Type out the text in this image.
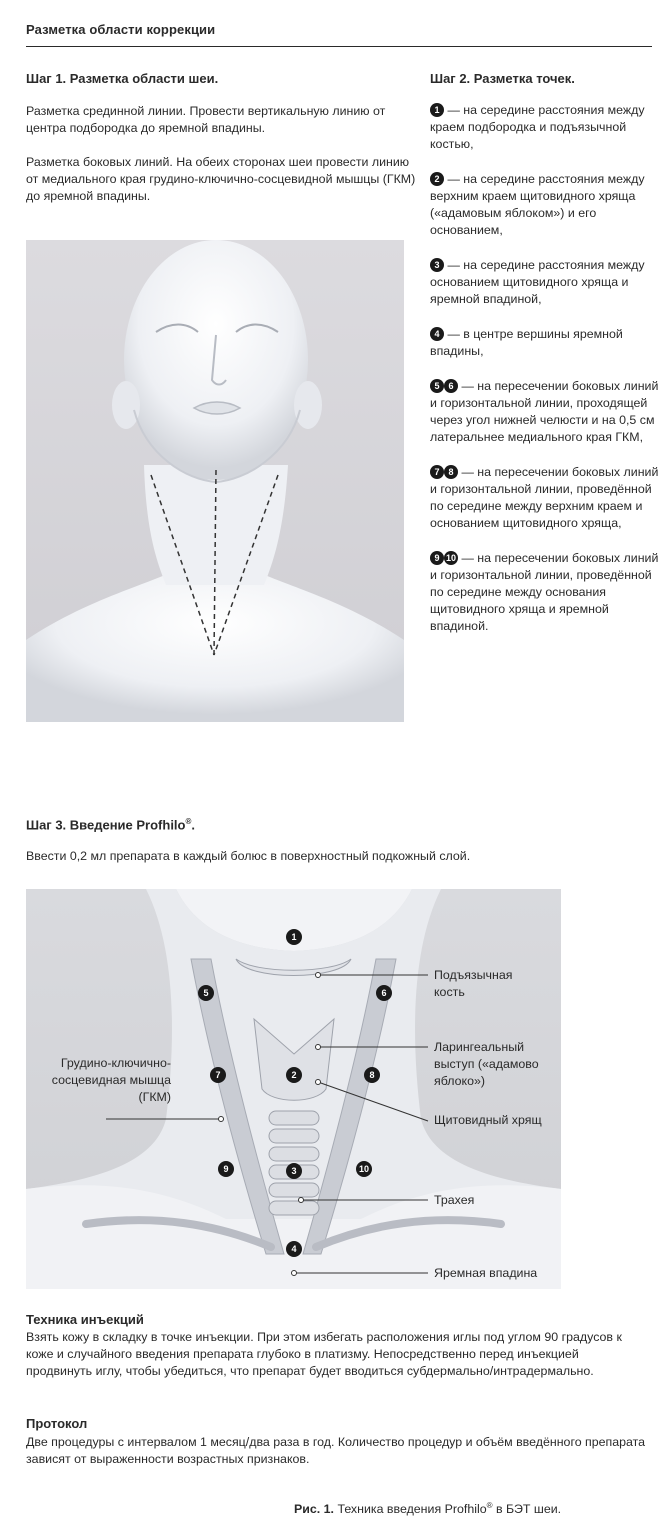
Разметка области коррекции
Шаг 1. Разметка области шеи.	Шаг 2. Разметка точек.
Разметка срединной линии. Провести вертикальную линию от центра подбородка до яремной впадины.
Разметка боковых линий. На обеих сторонах шеи провести линию от медиального края грудино-ключично-сосцевидной мышцы (ГКМ) до яремной впадины.
1 — на середине расстояния между краем подбородка и подъязычной костью,
2 — на середине расстояния между верхним краем щитовидного хряща («адамовым яблоком») и его основанием,
3 — на середине расстояния между основанием щитовидного хряща и яремной впадиной,
4 — в центре вершины яремной впадины,
5 6 — на пересечении боковых линий и горизонтальной линии, проходящей через угол нижней челюсти и на 0,5 см латеральнее медиального края ГКМ,
7 8 — на пересечении боковых линий и горизонтальной линии, проведённой по середине между верхним краем и основанием щитовидного хряща,
9 10 — на пересечении боковых линий и горизонтальной линии, проведённой по середине между основания щитовидного хряща и яремной впадиной.
Шаг 3. Введение Profhilo®.
Ввести 0,2 мл препарата в каждый болюс в поверхностный подкожный слой.
1
2
3
4
5	6
7	8
9	10
Подъязычная кость
Ларингеальный выступ («адамово яблоко»)
Щитовидный хрящ
Трахея
Яремная впадина
Грудино-ключично-сосцевидная мышца (ГКМ)
Техника инъекций
Взять кожу в складку в точке инъекции. При этом избегать расположения иглы под углом 90 градусов к коже и случайного введения препарата глубоко в платизму. Непосредственно перед инъекцией продвинуть иглу, чтобы убедиться, что препарат будет вводиться субдермально/интрадермально.
Протокол
Две процедуры с интервалом 1 месяц/два раза в год. Количество процедур и объём введённого препарата зависят от выраженности возрастных признаков.
Рис. 1. Техника введения Profhilo® в БЭТ шеи.
